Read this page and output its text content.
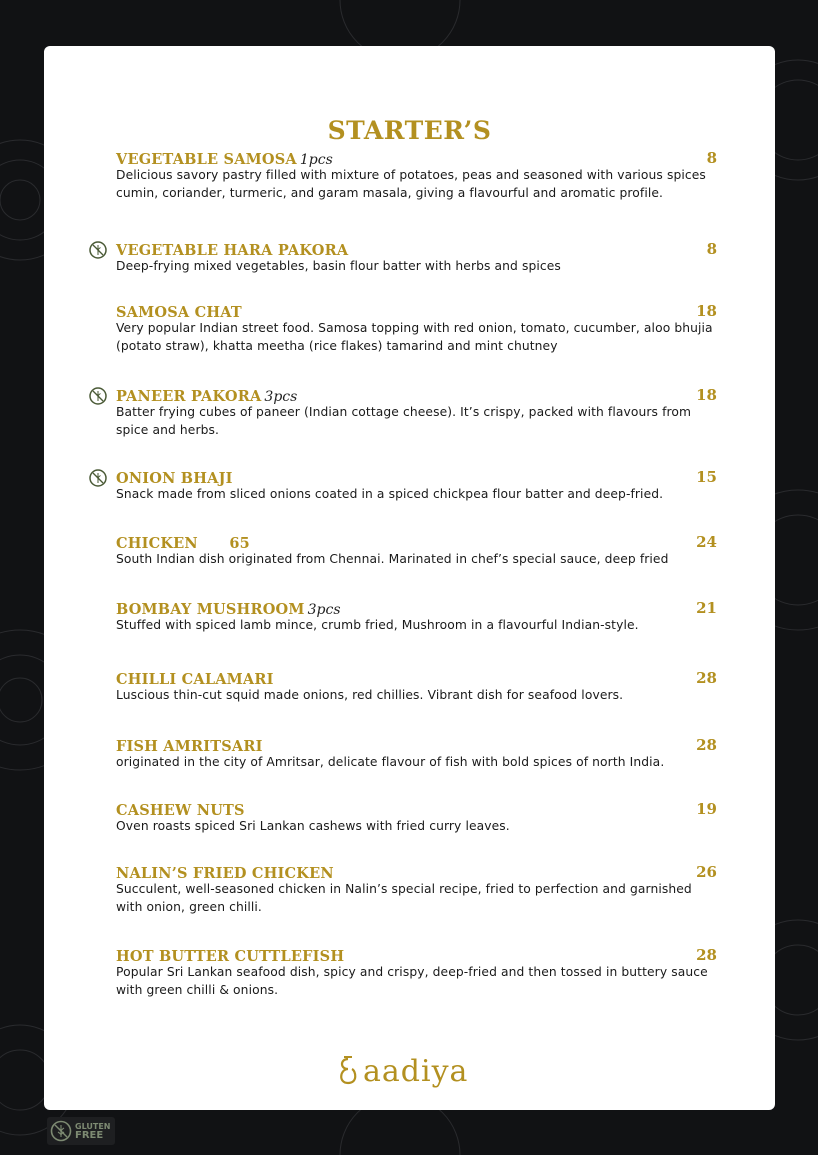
STARTER’S
VEGETABLE SAMOSA 1pcs	8
Delicious savory pastry filled with mixture of potatoes, peas and seasoned with various spices cumin, coriander, turmeric, and garam masala, giving a flavourful and aromatic profile.
VEGETABLE HARA PAKORA	8
Deep-frying mixed vegetables, basin flour batter with herbs and spices
SAMOSA CHAT	18
Very popular Indian street food. Samosa topping with red onion, tomato, cucumber, aloo bhujia (potato straw), khatta meetha (rice flakes) tamarind and mint chutney
PANEER PAKORA 3pcs	18
Batter frying cubes of paneer (Indian cottage cheese). It’s crispy, packed with flavours from spice and herbs.
ONION BHAJI	15
Snack made from sliced onions coated in a spiced chickpea flour batter and deep-fried.
CHICKEN      65	24
South Indian dish originated from Chennai. Marinated in chef’s special sauce, deep fried
BOMBAY MUSHROOM 3pcs	21
Stuffed with spiced lamb mince, crumb fried, Mushroom in a flavourful Indian-style.
CHILLI CALAMARI	28
Luscious thin-cut squid made onions, red chillies. Vibrant dish for seafood lovers.
FISH AMRITSARI	28
originated in the city of Amritsar, delicate flavour of fish with bold spices of north India.
CASHEW NUTS	19
Oven roasts spiced Sri Lankan cashews with fried curry leaves.
NALIN’S FRIED CHICKEN	26
Succulent, well-seasoned chicken in Nalin’s special recipe, fried to perfection and garnished with onion, green chilli.
HOT BUTTER CUTTLEFISH	28
Popular Sri Lankan seafood dish, spicy and crispy, deep-fried and then tossed in buttery sauce with green chilli & onions.
aadiya
GLUTEN
FREE
